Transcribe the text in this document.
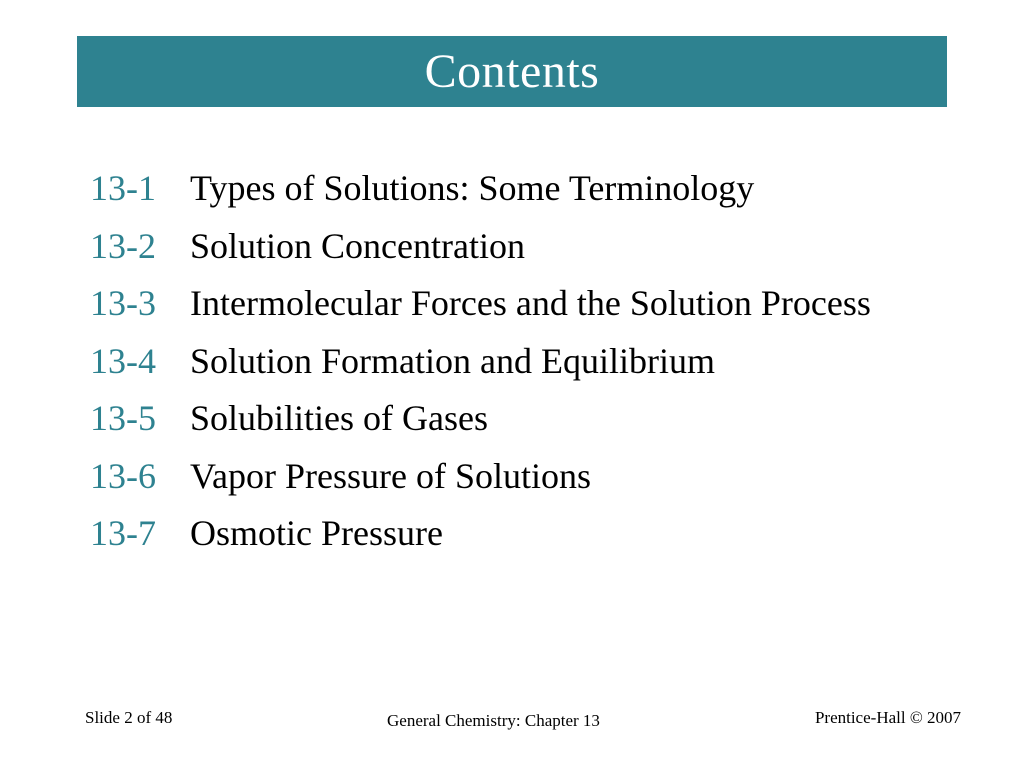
Contents
13-1 Types of Solutions: Some Terminology
13-2 Solution Concentration
13-3 Intermolecular Forces and the Solution Process
13-4 Solution Formation and Equilibrium
13-5 Solubilities of Gases
13-6 Vapor Pressure of Solutions
13-7 Osmotic Pressure
Slide 2 of 48	General Chemistry: Chapter 13	Prentice-Hall © 2007
